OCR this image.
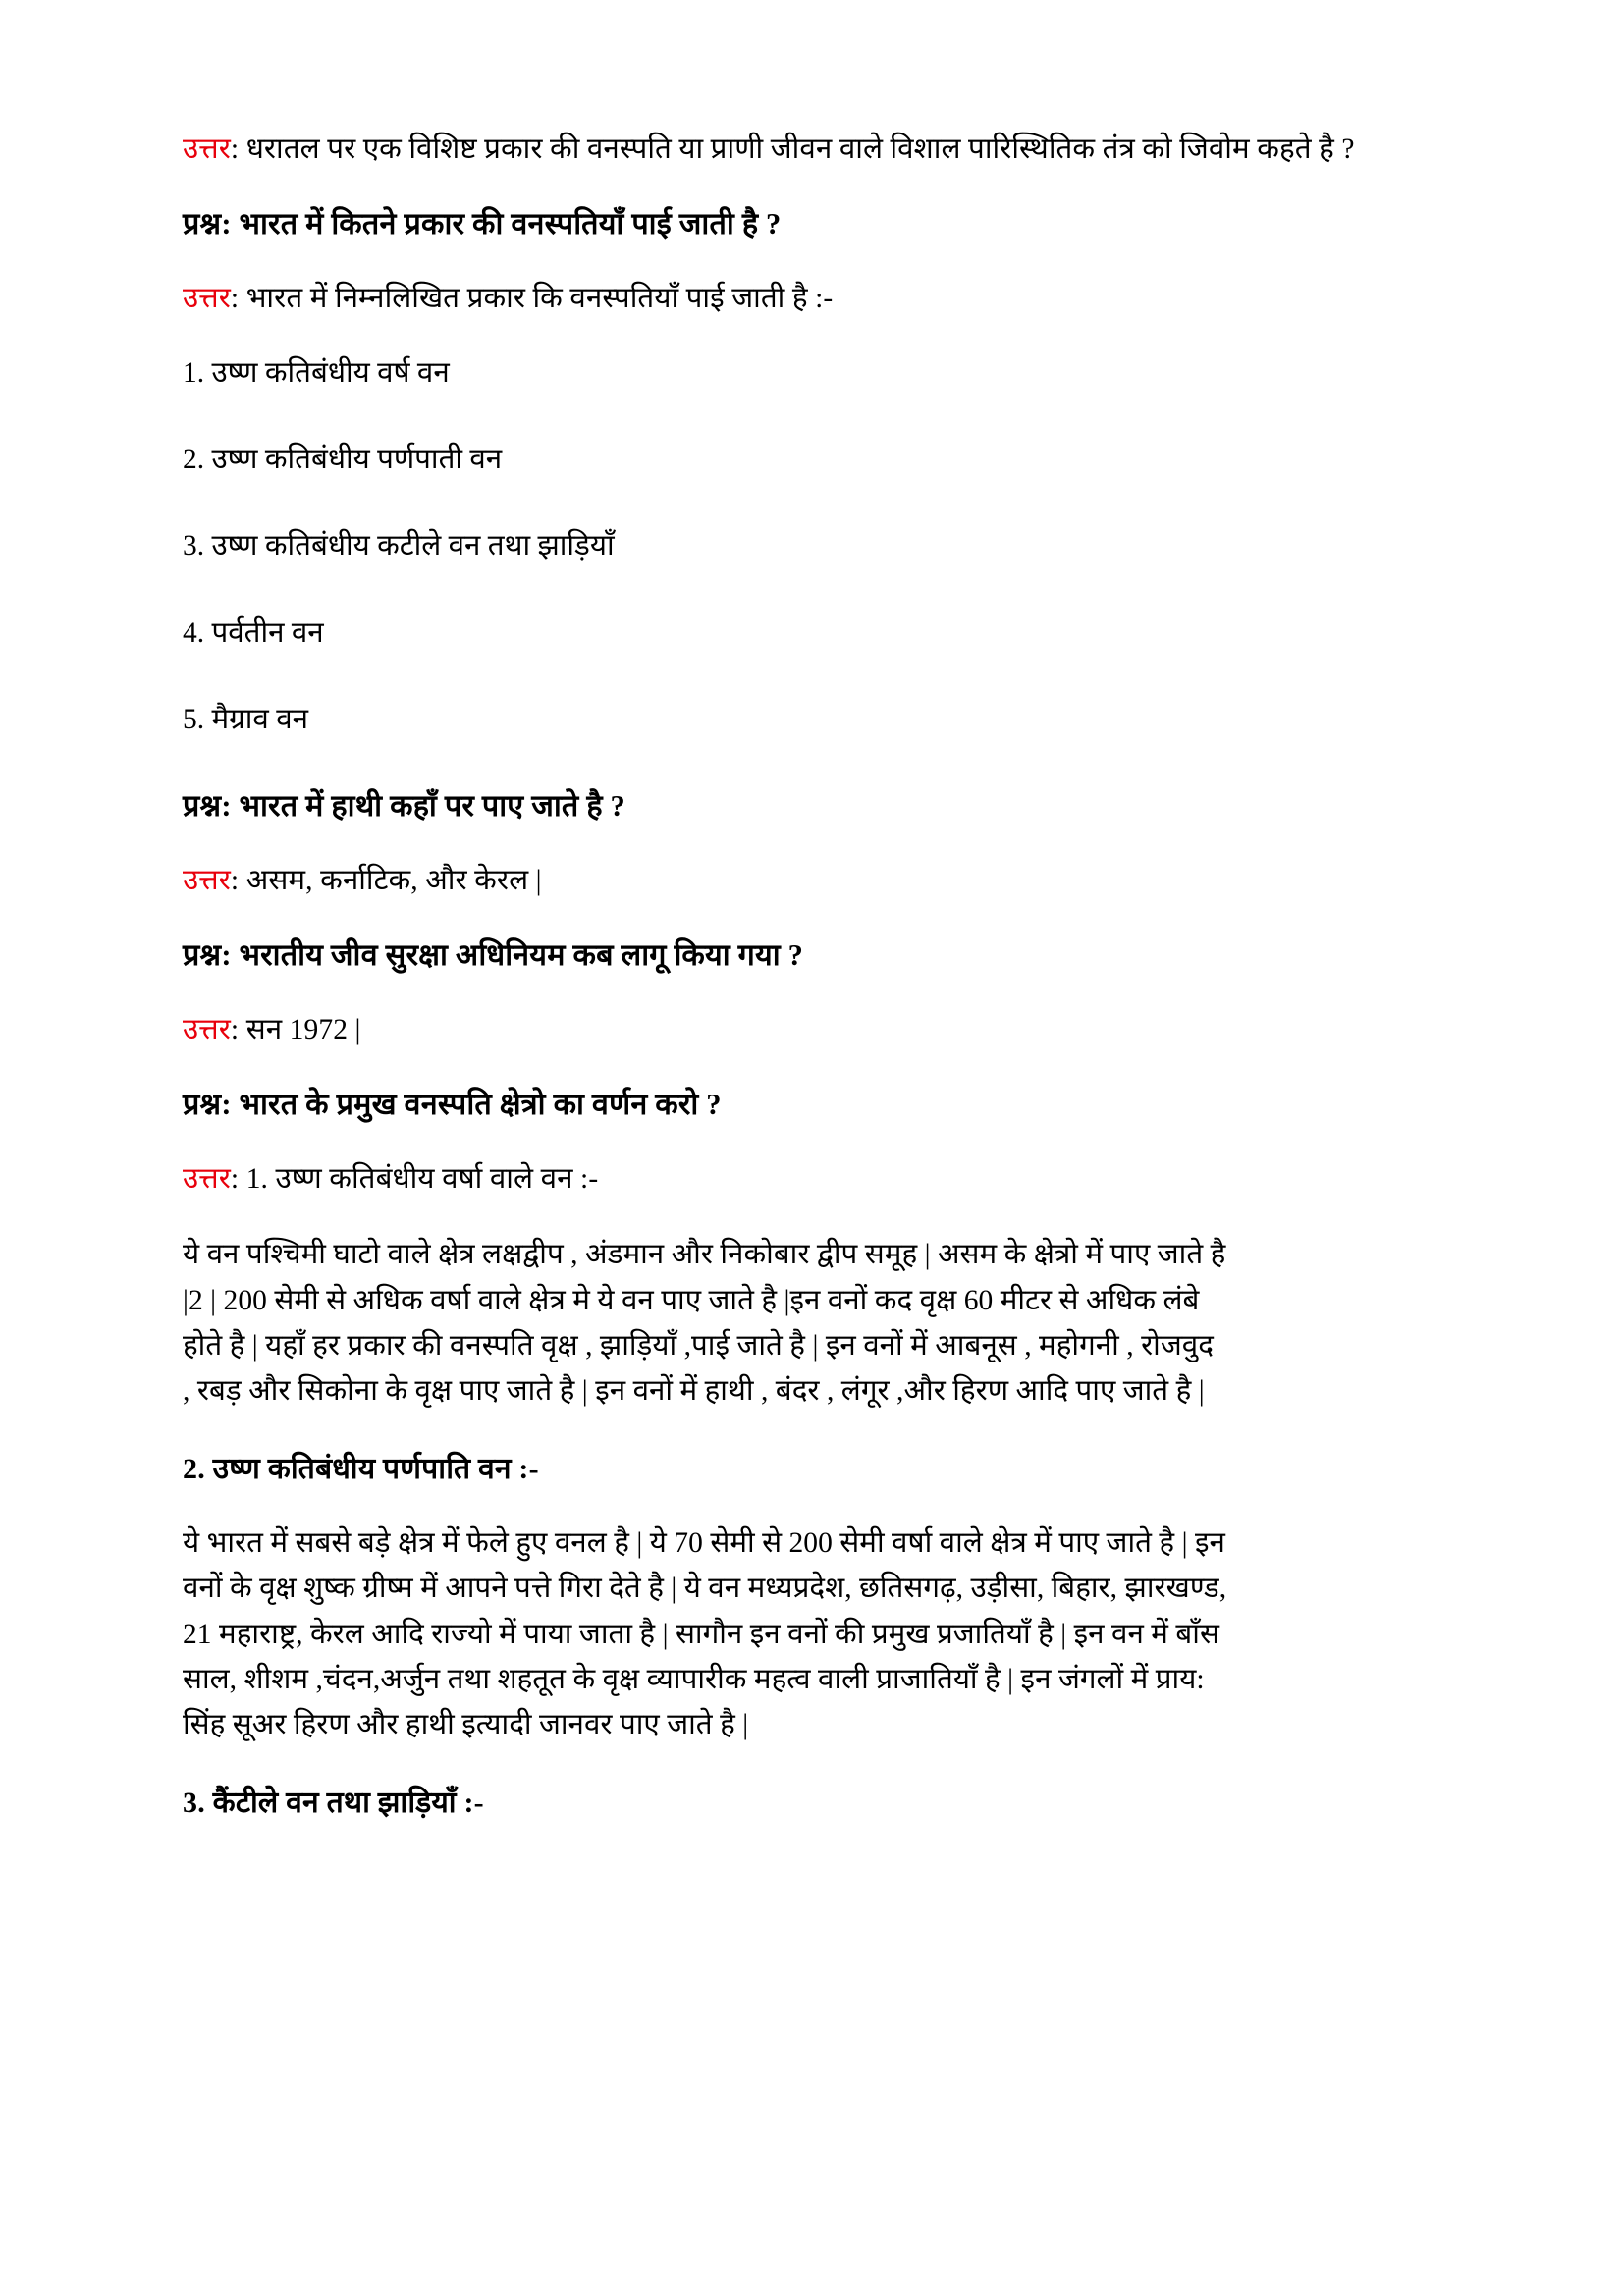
उत्तर: धरातल पर एक विशिष्ट प्रकार की वनस्पति या प्राणी जीवन वाले विशाल पारिस्थितिक तंत्र को जिवोम कहते है ?

प्रश्न: भारत में कितने प्रकार की वनस्पतियाँ पाई जाती है ?

उत्तर: भारत में निम्नलिखित प्रकार कि वनस्पतियाँ पाई जाती है :-

1. उष्ण कतिबंधीय वर्ष वन

2. उष्ण कतिबंधीय पर्णपाती वन

3. उष्ण कतिबंधीय कटीले वन तथा झाड़ियाँ

4. पर्वतीन वन

5. मैग्राव वन

प्रश्न: भारत में हाथी कहाँ पर पाए जाते है ?

उत्तर: असम, कर्नाटिक, और केरल |

प्रश्न: भरातीय जीव सुरक्षा अधिनियम कब लागू किया गया ?

उत्तर: सन 1972 |

प्रश्न: भारत के प्रमुख वनस्पति क्षेत्रो का वर्णन करो ?

उत्तर: 1. उष्ण कतिबंधीय वर्षा वाले वन :-

ये वन पश्चिमी घाटो वाले क्षेत्र लक्षद्वीप , अंडमान और निकोबार द्वीप समूह | असम के क्षेत्रो में पाए जाते है
|2 | 200 सेमी से अधिक वर्षा वाले क्षेत्र मे ये वन पाए जाते है |इन वनों कद वृक्ष 60 मीटर से अधिक लंबे
होते है | यहाँ हर प्रकार की वनस्पति वृक्ष , झाड़ियाँ ,पाई जाते है | इन वनों में आबनूस , महोगनी , रोजवुद
, रबड़ और सिकोना के वृक्ष पाए जाते है | इन वनों में हाथी , बंदर , लंगूर ,और हिरण आदि पाए जाते है |

2. उष्ण कतिबंधीय पर्णपाति वन :-

ये भारत में सबसे बड़े क्षेत्र में फेले हुए वनल है | ये 70 सेमी से 200 सेमी वर्षा वाले क्षेत्र में पाए जाते है | इन
वनों के वृक्ष शुष्क ग्रीष्म में आपने पत्ते गिरा देते है | ये वन मध्यप्रदेश, छतिसगढ़, उड़ीसा, बिहार, झारखण्ड,
21 महाराष्ट्र, केरल आदि राज्यो में पाया जाता है | सागौन इन वनों की प्रमुख प्रजातियाँ है | इन वन में बाँस
साल, शीशम ,चंदन,अर्जुन तथा शहतूत के वृक्ष व्यापारीक महत्व वाली प्राजातियाँ है | इन जंगलों में प्राय:
सिंह सूअर हिरण और हाथी इत्यादी जानवर पाए जाते है |

3. कैंटीले वन तथा झाड़ियाँ :-
